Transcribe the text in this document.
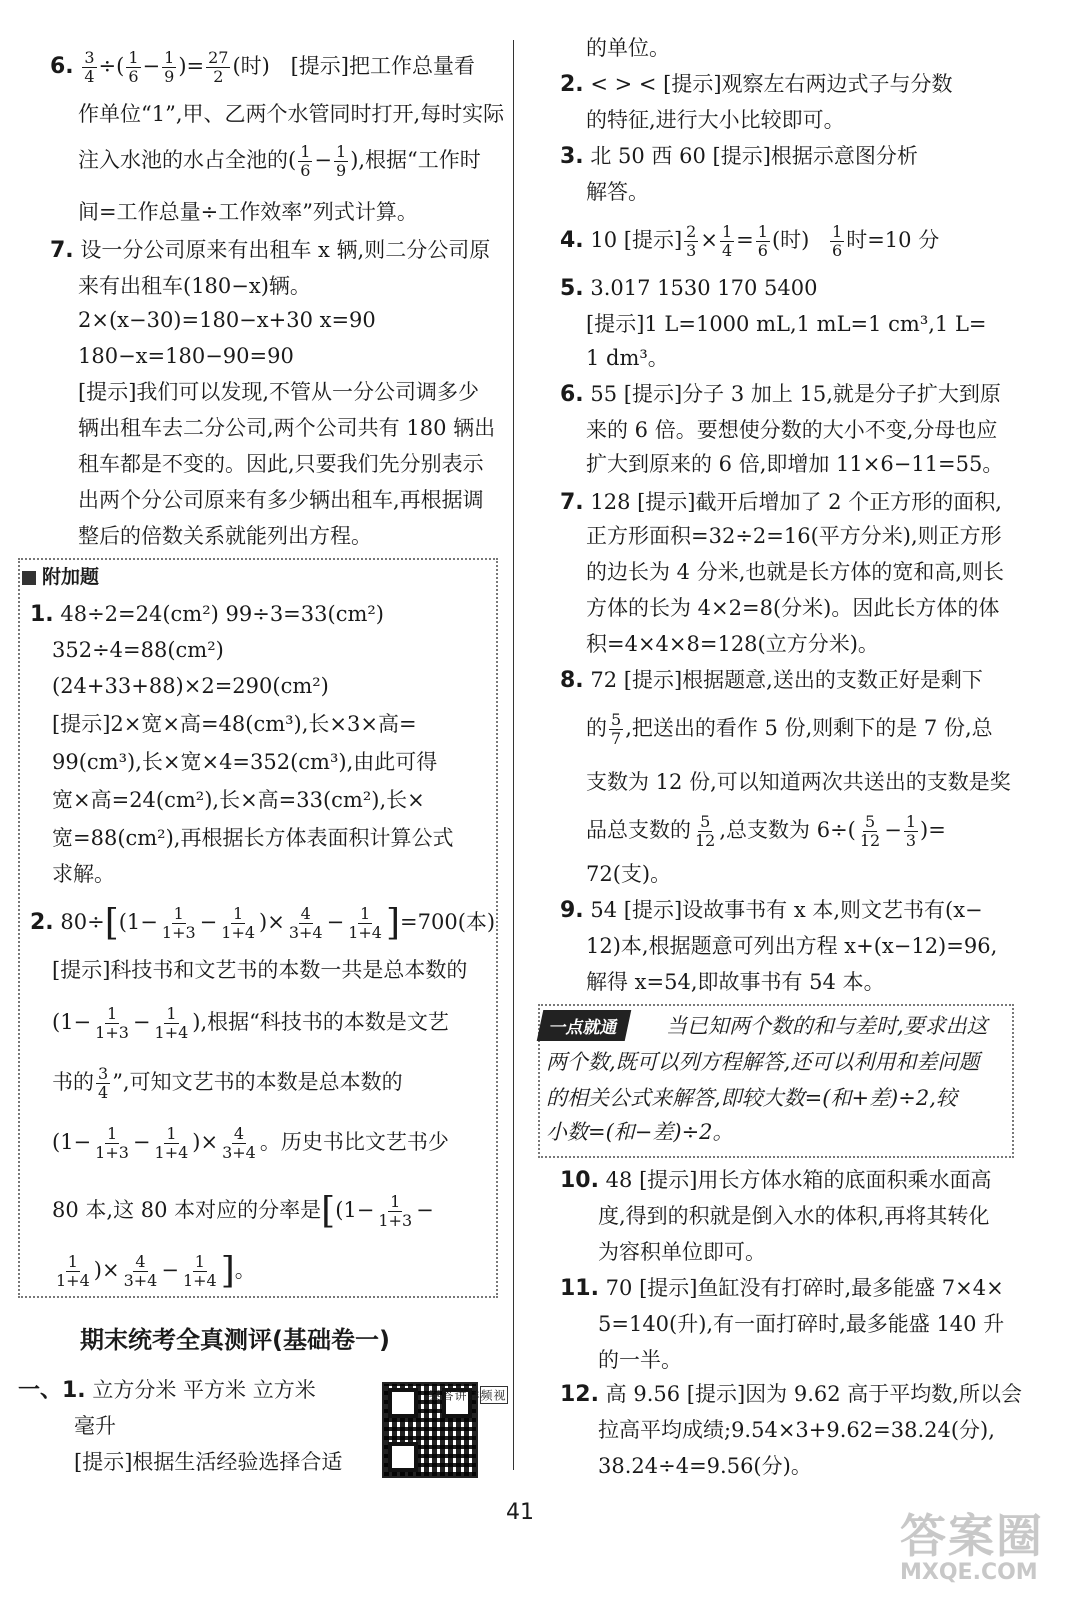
6. $\frac{3}{4}$ ÷( $\frac{1}{6} - \frac{1}{9}$ )= $\frac{27}{2}$ (时) [提示]把工作总量看
作单位“1”,甲、乙两个水管同时打开,每时实际
注入水池的水占全池的( $\frac{1}{6} - \frac{1}{9}$ ),根据“工作时
间=工作总量÷工作效率”列式计算。
7. 设一分公司原来有出租车 x 辆,则二分公司原
来有出租车(180−x)辆。
2×(x−30)=180−x+30 x=90
180−x=180−90=90
[提示]我们可以发现,不管从一分公司调多少
辆出租车去二分公司,两个公司共有 180 辆出
租车都是不变的。因此,只要我们先分别表示
出两个分公司原来有多少辆出租车,再根据调
整后的倍数关系就能列出方程。
附加题
1. 48÷2=24(cm²) 99÷3=33(cm²)
352÷4=88(cm²)
(24+33+88)×2=290(cm²)
[提示]2×宽×高=48(cm³),长×3×高=
99(cm³),长×宽×4=352(cm³),由此可得
宽×高=24(cm²),长×高=33(cm²),长×
宽=88(cm²),再根据长方体表面积计算公式
求解。
2. $80\div[(1- \frac{1}{1+3} - \frac{1}{1+4}$ )× $\frac{4}{3+4} - \frac{1}{1+4} ]=700$(本)
[提示]科技书和文艺书的本数一共是总本数的
($1- \frac{1}{1+3} - \frac{1}{1+4}$ ),根据“科技书的本数是文艺
书的 $\frac{3}{4}$ ”,可知文艺书的本数是总本数的
($1- \frac{1}{1+3} - \frac{1}{1+4}$ )× $\frac{4}{3+4}$ 。历史书比文艺书少
80 本,这 80 本对应的分率是[($1- \frac{1}{1+3}$ −
$\frac{1}{1+4}$ )× $\frac{4}{3+4} - \frac{1}{1+4}$ ]。
期末统考全真测评(基础卷一)
一、1. 立方分米 平方米 立方米
毫升
[提示]根据生活经验选择合适
视频详讲答案
的单位。
2. < > < [提示]观察左右两边式子与分数
的特征,进行大小比较即可。
3. 北 50 西 60 [提示]根据示意图分析
解答。
4. 10 [提示] $\frac{2}{3} \times \frac{1}{4} = \frac{1}{6}$ (时) $\frac{1}{6}$ 时=10 分
5. 3.017 1530 170 5400
[提示]1 L=1000 mL,1 mL=1 cm³,1 L=
1 dm³。
6. 55 [提示]分子 3 加上 15,就是分子扩大到原
来的 6 倍。要想使分数的大小不变,分母也应
扩大到原来的 6 倍,即增加 11×6−11=55。
7. 128 [提示]截开后增加了 2 个正方形的面积,
正方形面积=32÷2=16(平方分米),则正方形
的边长为 4 分米,也就是长方体的宽和高,则长
方体的长为 4×2=8(分米)。因此长方体的体
积=4×4×8=128(立方分米)。
8. 72 [提示]根据题意,送出的支数正好是剩下
的 $\frac{5}{7}$ ,把送出的看作 5 份,则剩下的是 7 份,总
支数为 12 份,可以知道两次共送出的支数是奖
品总支数的 $\frac{5}{12}$ ,总支数为 $6\div( \frac{5}{12} - \frac{1}{3}$ )=
72(支)。
9. 54 [提示]设故事书有 x 本,则文艺书有(x−
12)本,根据题意可列出方程 x+(x−12)=96,
解得 x=54,即故事书有 54 本。
当已知两个数的和与差时,要求出这
两个数,既可以列方程解答,还可以利用和差问题
的相关公式来解答,即较大数=(和+差)÷2,较
小数=(和−差)÷2。
10. 48 [提示]用长方体水箱的底面积乘水面高
度,得到的积就是倒入水的体积,再将其转化
为容积单位即可。
11. 70 [提示]鱼缸没有打碎时,最多能盛 7×4×
5=140(升),有一面打碎时,最多能盛 140 升
的一半。
12. 高 9.56 [提示]因为 9.62 高于平均数,所以会
拉高平均成绩;9.54×3+9.62=38.24(分),
38.24÷4=9.56(分)。
一点就通
41	答案圈
MXQE.COM
